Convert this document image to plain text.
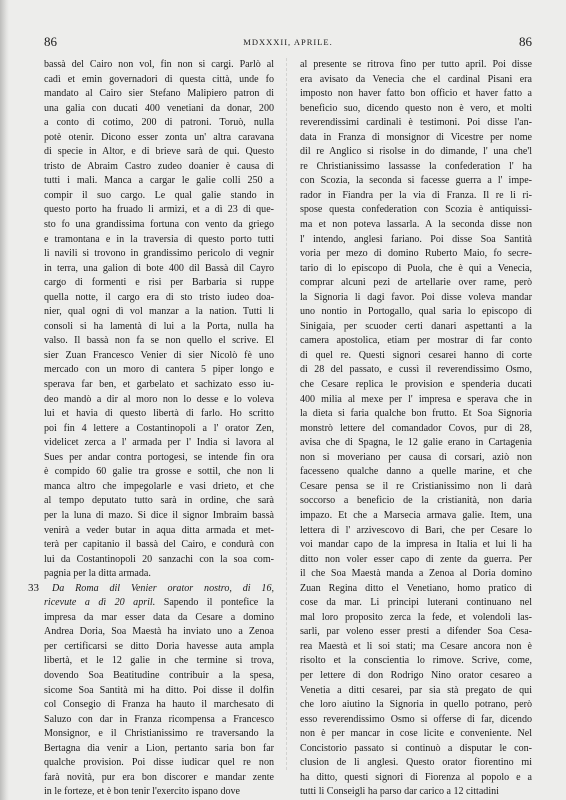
86	MDXXXII, APRILE.	86
bassà del Cairo non vol, fin non si cargi. Parlò al
cadì et emin governadori di questa città, unde fo
mandato al Cairo sier Stefano Malipiero patron di
una galia con ducati 400 venetiani da donar, 200
a conto di cotimo, 200 di patroni. Toruò, nulla
potè otenir. Dicono esser zonta un' altra caravana
di specie in Altor, e di brieve sarà de qui. Questo
tristo de Abraim Castro zudeo doanier è causa di
tutti i mali. Manca a cargar le galie colli 250 a
compir il suo cargo. Le qual galie stando in
questo porto ha fruado li armizi, et a dì 23 di que-
sto fo una grandissima fortuna con vento da griego
e tramontana e in la traversia di questo porto tutti
li navili si trovono in grandissimo pericolo di vegnir
in terra, una galion di bote 400 dil Bassà dil Cayro
cargo di formenti e risi per Barbaria si ruppe
quella notte, il cargo era di sto tristo iudeo doa-
nier, qual ogni dì vol manzar a la nation. Tutti li
consoli si ha lamentà di lui a la Porta, nulla ha
valso. Il bassà non fa se non quello el scrive. El
sier Zuan Francesco Venier di sier Nicolò fè uno
mercado con un moro di cantera 5 piper longo e
sperava far ben, et garbelato et sachizato esso iu-
deo mandò a dir al moro non lo desse e lo voleva
lui et havia di questo libertà di farlo. Ho scritto
poi fin 4 lettere a Costantinopoli a l' orator Zen,
videlicet zerca a l' armada per l' India si lavora al
Sues per andar contra portogesi, se intende fin ora
è compido 60 galie tra grosse e sottil, che non li
manca altro che impegolarle e vasi drieto, et che
al tempo deputato tutto sarà in ordine, che sarà
per la luna di mazo. Si dice il signor Imbraim bassà
venirà a veder butar in aqua ditta armada et met-
terà per capitanio il bassà del Cairo, e condurà con
lui da Costantinopoli 20 sanzachi con la soa com-
pagnia per la ditta armada.
Da Roma dil Venier orator nostro, di 16,
ricevute a dì 20 april. Sapendo il pontefice la
impresa da mar esser data da Cesare a domino
Andrea Doria, Soa Maestà ha inviato uno a Zenoa
per certificarsi se ditto Doria havesse auta ampla
libertà, et le 12 galie in che termine si trova,
dovendo Soa Beatitudine contribuir a la spesa,
sicome Soa Santità mi ha ditto. Poi disse il dolfin
col Consegio di Franza ha hauto il marchesato di
Saluzo con dar in Franza ricompensa a Francesco
Monsignor, e il Christianissimo re traversando la
Bertagna dia venir a Lion, pertanto saria bon far
qualche provision. Poi disse iudicar quel re non
farà novità, pur era bon discorer e mandar zente
in le forteze, et è bon tenir l'exercito ispano dove
al presente se ritrova fino per tutto april. Poi disse
era avisato da Venecia che el cardinal Pisani era
imposto non haver fatto bon officio et haver fatto a
beneficio suo, dicendo questo non è vero, et molti
reverendissimi cardinali è testimoni. Poi disse l'an-
data in Franza di monsignor di Vicestre per nome
dil re Anglico si risolse in do dimande, l' una che'l
re Christianissimo lassasse la confederation l' ha
con Scozia, la seconda si facesse guerra a l' impe-
rador in Fiandra per la via di Franza. Il re li ri-
spose questa confederation con Scozia è antiquissi-
ma et non poteva lassarla. A la seconda disse non
l' intendo, anglesi fariano. Poi disse Soa Santità
voria per mezo di domino Ruberto Maio, fo secre-
tario di lo episcopo di Puola, che è qui a Venecia,
comprar alcuni pezi de artellarie over rame, però
la Signoria li dagi favor. Poi disse voleva mandar
uno nontio in Portogallo, qual saria lo episcopo di
Sinigaia, per scuoder certi danari aspettanti a la
camera apostolica, etiam per mostrar di far conto
di quel re. Questi signori cesarei hanno di corte
di 28 del passato, e cussì il reverendissimo Osmo,
che Cesare replica le provision e spenderia ducati
400 milia al mexe per l' impresa e sperava che in
la dieta si faria qualche bon frutto. Et Soa Signoria
monstrò lettere del comandador Covos, pur di 28,
avisa che di Spagna, le 12 galie erano in Cartagenia
non si moveriano per causa di corsari, aziò non
facesseno qualche danno a quelle marine, et che
Cesare pensa se il re Cristianissimo non li darà
soccorso a beneficio de la cristianità, non daria
impazo. Et che a Marsecia armava galie. Item, una
lettera di l' arzivescovo di Bari, che per Cesare lo
voi mandar capo de la impresa in Italia et lui li ha
ditto non voler esser capo di zente da guerra. Per
il che Soa Maestà manda a Zenoa al Doria domino
Zuan Regina ditto el Venetiano, homo pratico di
cose da mar. Li principi luterani continuano nel
mal loro proposito zerca la fede, et volendoli las-
sarli, par voleno esser presti a difender Soa Cesa-
rea Maestà et li soi stati; ma Cesare ancora non è
risolto et la conscientia lo rimove. Scrive, come,
per lettere di don Rodrigo Nino orator cesareo a
Venetia a ditti cesarei, par sia stà pregato de qui
che loro aiutino la Signoria in quello potrano, però
esso reverendissimo Osmo si offerse di far, dicendo
non è per mancar in cose licite e conveniente. Nel
Concistorio passato si continuò a disputar le con-
clusion de li anglesi. Questo orator fiorentino mi
ha ditto, questi signori di Fiorenza al popolo e a
tutti li Conseigli ha parso dar carico a 12 cittadini
33
